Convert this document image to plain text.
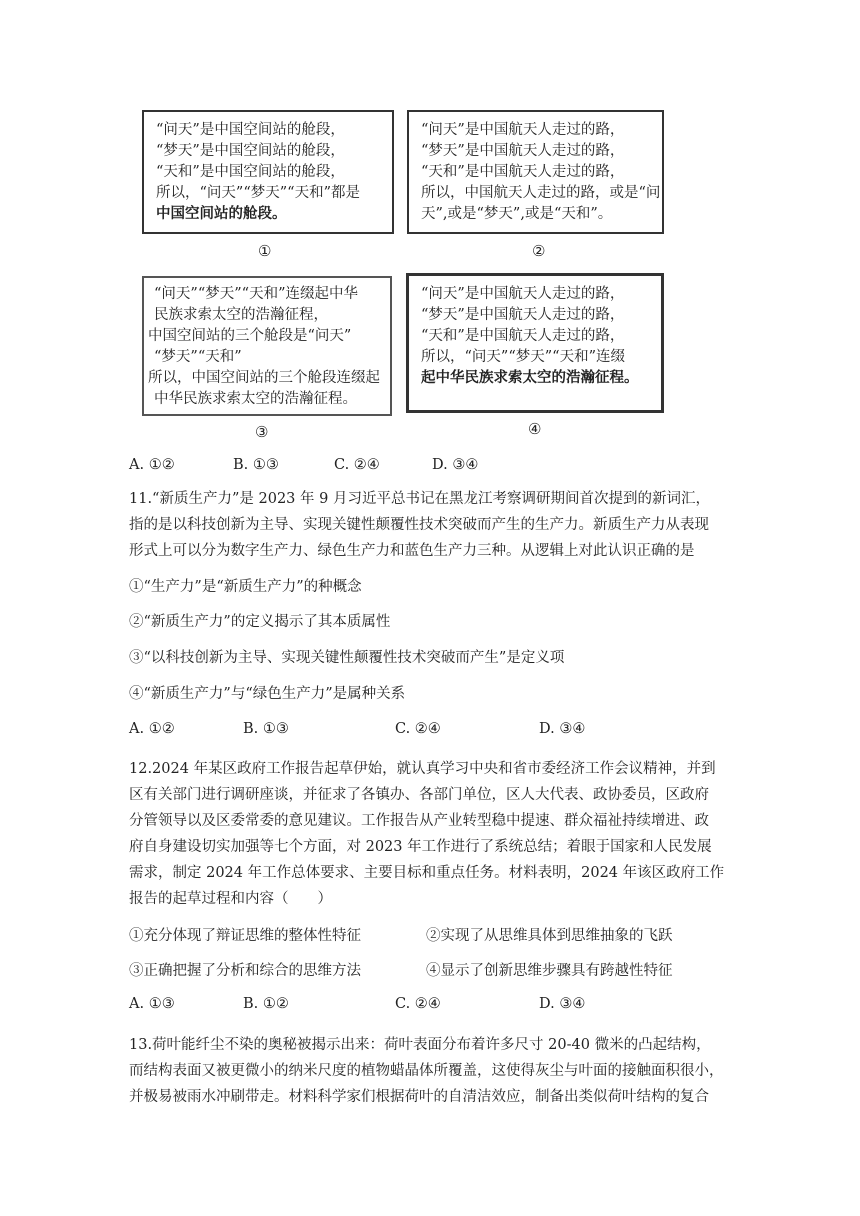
“问天”是中国空间站的舱段，
“梦天”是中国空间站的舱段，
“天和”是中国空间站的舱段，
所以，“问天”“梦天”“天和”都是
中国空间站的舱段。
①
“问天”是中国航天人走过的路，
“梦天”是中国航天人走过的路，
“天和”是中国航天人走过的路，
所以，中国航天人走过的路，或是“问
天”,或是“梦天”,或是“天和”。
②
“问天”“梦天”“天和”连缀起中华
民族求索太空的浩瀚征程，
中国空间站的三个舱段是“问天”
“梦天”“天和”
所以，中国空间站的三个舱段连缀起
中华民族求索太空的浩瀚征程。
③
“问天”是中国航天人走过的路，
“梦天”是中国航天人走过的路，
“天和”是中国航天人走过的路，
所以，“问天”“梦天”“天和”连缀
起中华民族求索太空的浩瀚征程。
④
A. ①②	B. ①③	C. ②④	D. ③④
11.“新质生产力”是 2023 年 9 月习近平总书记在黑龙江考察调研期间首次提到的新词汇，
指的是以科技创新为主导、实现关键性颠覆性技术突破而产生的生产力。新质生产力从表现
形式上可以分为数字生产力、绿色生产力和蓝色生产力三种。从逻辑上对此认识正确的是
①“生产力”是“新质生产力”的种概念
②“新质生产力”的定义揭示了其本质属性
③“以科技创新为主导、实现关键性颠覆性技术突破而产生”是定义项
④“新质生产力”与“绿色生产力”是属种关系
A. ①②	B. ①③	C. ②④	D. ③④
12.2024 年某区政府工作报告起草伊始，就认真学习中央和省市委经济工作会议精神，并到
区有关部门进行调研座谈，并征求了各镇办、各部门单位，区人大代表、政协委员，区政府
分管领导以及区委常委的意见建议。工作报告从产业转型稳中提速、群众福祉持续增进、政
府自身建设切实加强等七个方面，对 2023 年工作进行了系统总结；着眼于国家和人民发展
需求，制定 2024 年工作总体要求、主要目标和重点任务。材料表明，2024 年该区政府工作
报告的起草过程和内容（　　）
①充分体现了辩证思维的整体性特征	②实现了从思维具体到思维抽象的飞跃
③正确把握了分析和综合的思维方法	④显示了创新思维步骤具有跨越性特征
A. ①③	B. ①②	C. ②④	D. ③④
13.荷叶能纤尘不染的奥秘被揭示出来：荷叶表面分布着许多尺寸 20-40 微米的凸起结构，
而结构表面又被更微小的纳米尺度的植物蜡晶体所覆盖，这使得灰尘与叶面的接触面积很小，
并极易被雨水冲刷带走。材料科学家们根据荷叶的自清洁效应，制备出类似荷叶结构的复合
